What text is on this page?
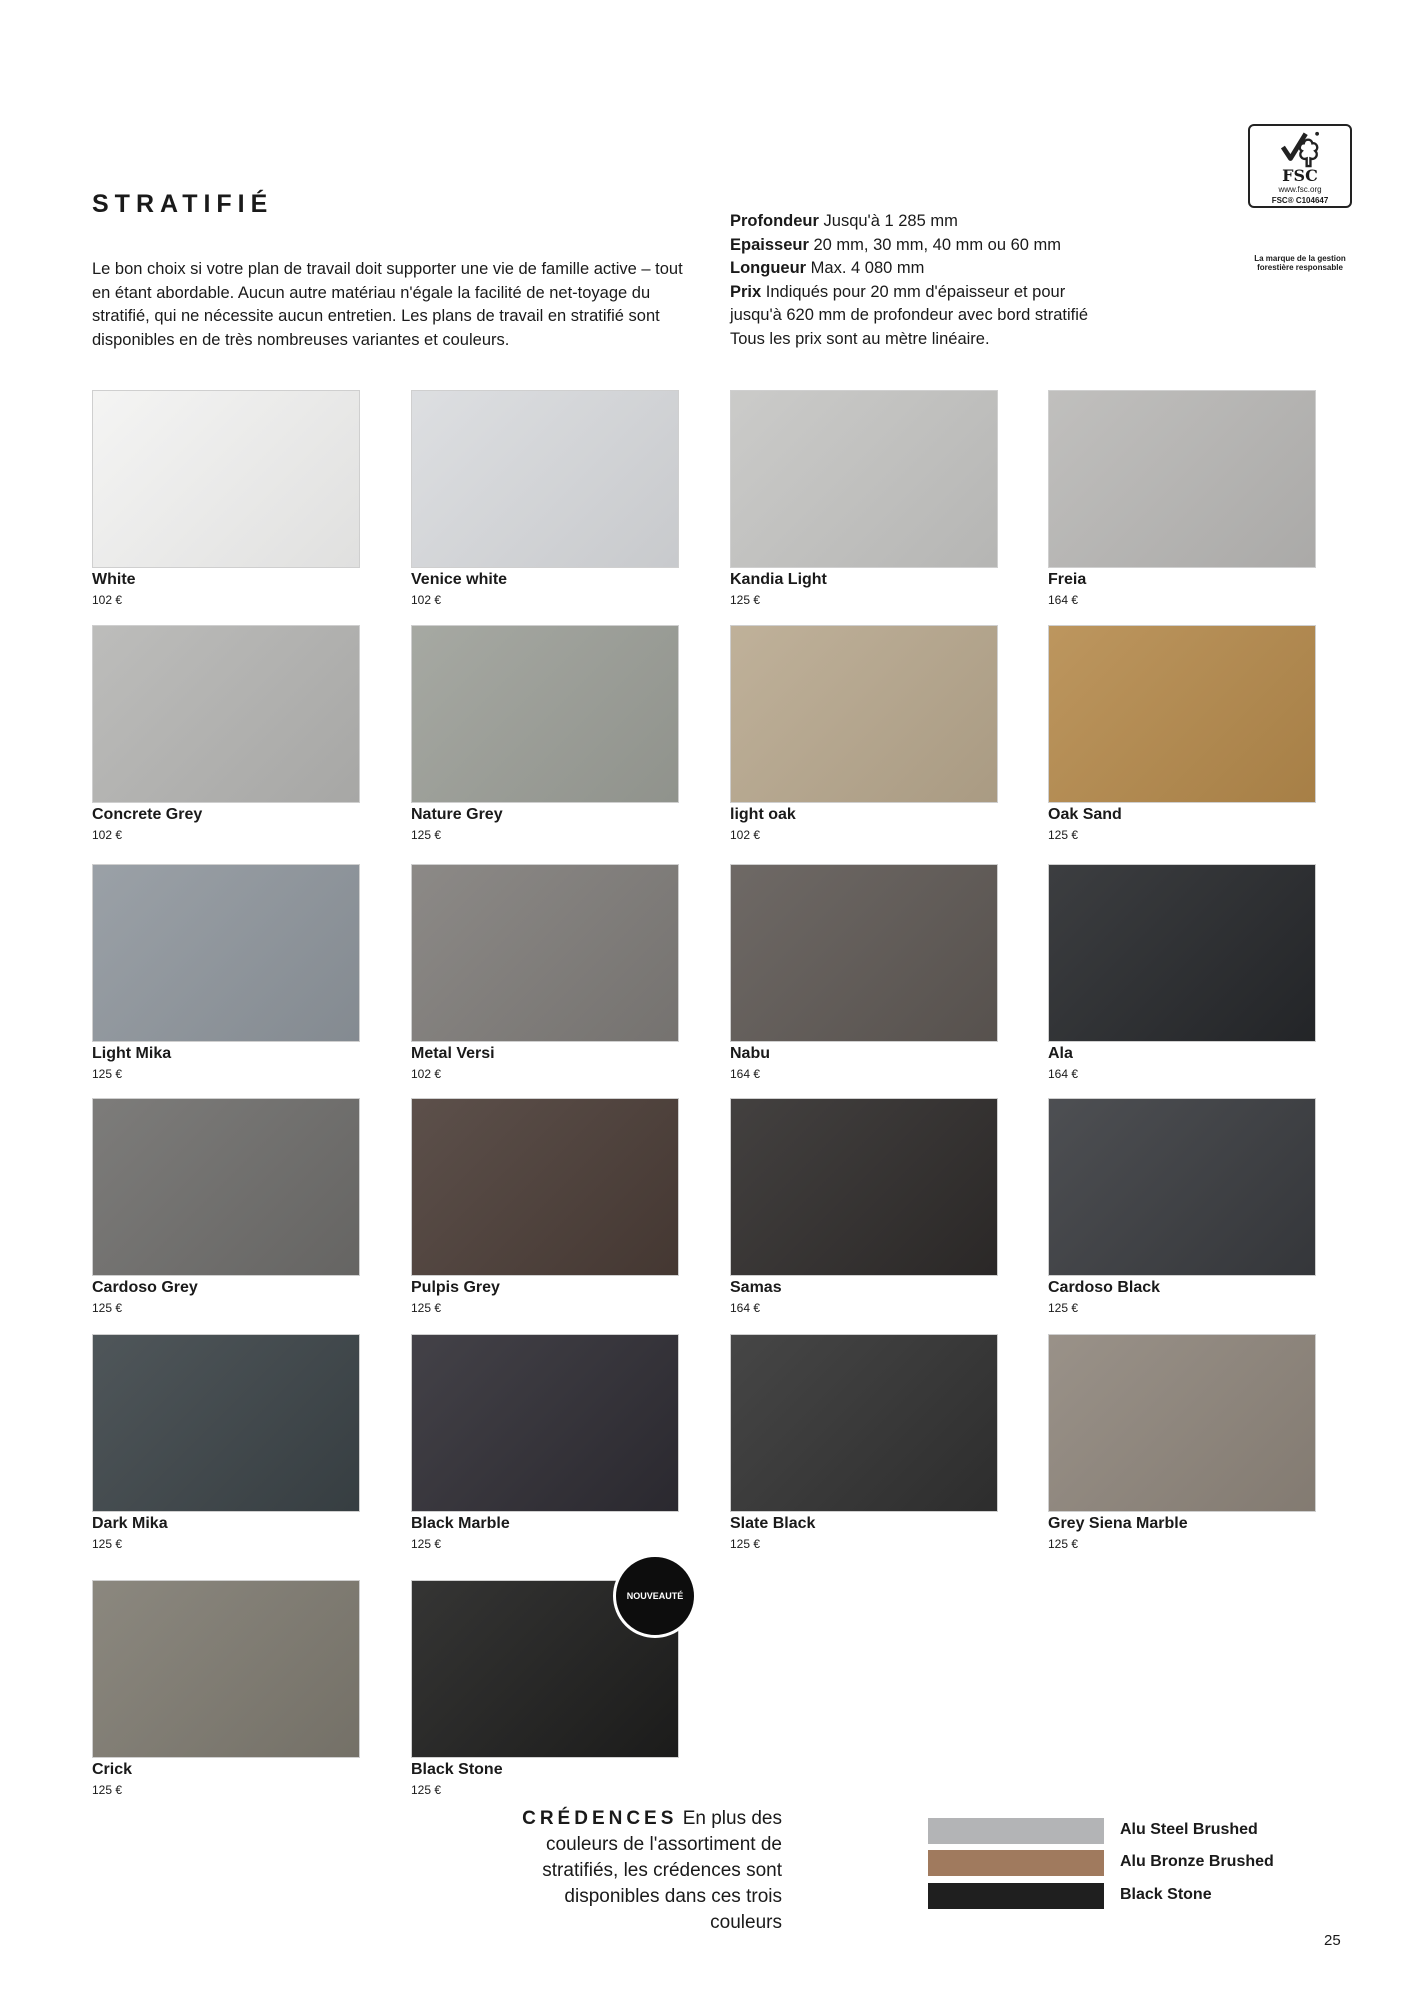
STRATIFIÉ

Le bon choix si votre plan de travail doit supporter une vie de famille active – tout en étant abordable. Aucun autre matériau n'égale la facilité de net-toyage du stratifié, qui ne nécessite aucun entretien. Les plans de travail en stratifié sont disponibles en de très nombreuses variantes et couleurs.

Profondeur Jusqu'à 1 285 mm
Epaisseur 20 mm, 30 mm, 40 mm ou 60 mm
Longueur Max. 4 080 mm
Prix Indiqués pour 20 mm d'épaisseur et pour
jusqu'à 620 mm de profondeur avec bord stratifié
Tous les prix sont au mètre linéaire.
FSC
www.fsc.org
FSC® C104647
La marque de la gestion forestière responsable
White
102 €
Venice white
102 €
Kandia Light
125 €
Freia
164 €
Concrete Grey
102 €
Nature Grey
125 €
light oak
102 €
Oak Sand
125 €
Light Mika
125 €
Metal Versi
102 €
Nabu
164 €
Ala
164 €
Cardoso Grey
125 €
Pulpis Grey
125 €
Samas
164 €
Cardoso Black
125 €
Dark Mika
125 €
Black Marble
125 €
Slate Black
125 €
Grey Siena Marble
125 €
Crick
125 €
Black Stone
125 €
NOUVEAUTÉ

CRÉDENCES En plus des
couleurs de l'assortiment de
stratifiés, les crédences sont
disponibles dans ces trois
couleurs

Alu Steel Brushed
Alu Bronze Brushed
Black Stone
25
